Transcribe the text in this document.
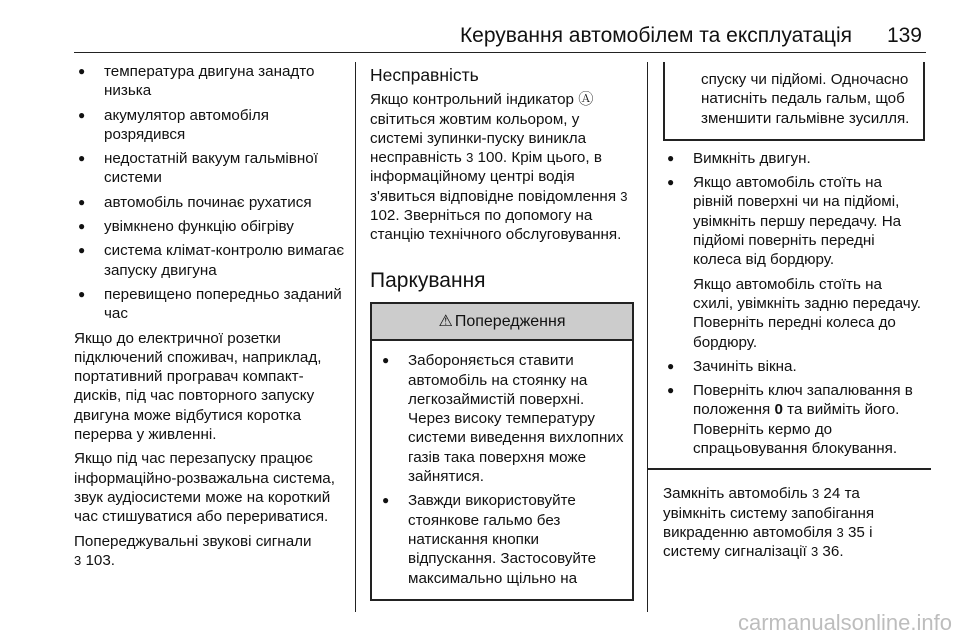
Керування автомобілем та експлуатація 139
● температура двигуна занадто низька
● акумулятор автомобіля розрядився
● недостатній вакуум гальмівної системи
● автомобіль починає рухатися
● увімкнено функцію обігріву
● система клімат-контролю вимагає запуску двигуна
● перевищено попередньо заданий час

Якщо до електричної розетки підключений споживач, наприклад, портативний програвач компакт-дисків, під час повторного запуску двигуна може відбутися коротка перерва у живленні.

Якщо під час перезапуску працює інформаційно-розважальна система, звук аудіосистеми може на короткий час стишуватися або перериватися.

Попереджувальні звукові сигнали
3 103.

Несправність

Якщо контрольний індикатор Ⓐ світиться жовтим кольором, у системі зупинки-пуску виникла несправність 3 100. Крім цього, в інформаційному центрі водія з'явиться відповідне повідомлення 3 102. Зверніться по допомогу на станцію технічного обслуговування.

Паркування
⚠ Попередження
● Забороняється ставити автомобіль на стоянку на легкозаймистій поверхні. Через високу температуру системи виведення вихлопних газів така поверхня може зайнятися.
● Завжди використовуйте стоянкове гальмо без натискання кнопки відпускання. Застосовуйте максимально щільно на

спуску чи підйомі. Одночасно натисніть педаль гальм, щоб зменшити гальмівне зусилля.

● Вимкніть двигун.
● Якщо автомобіль стоїть на рівній поверхні чи на підйомі, увімкніть першу передачу. На підйомі поверніть передні колеса від бордюру.
Якщо автомобіль стоїть на схилі, увімкніть задню передачу. Поверніть передні колеса до бордюру.
● Зачиніть вікна.
● Поверніть ключ запалювання в положення 0 та вийміть його. Поверніть кермо до спрацьовування блокування.

Замкніть автомобіль 3 24 та увімкніть систему запобігання викраденню автомобіля 3 35 і систему сигналізації 3 36.

carmanualsonline.info
